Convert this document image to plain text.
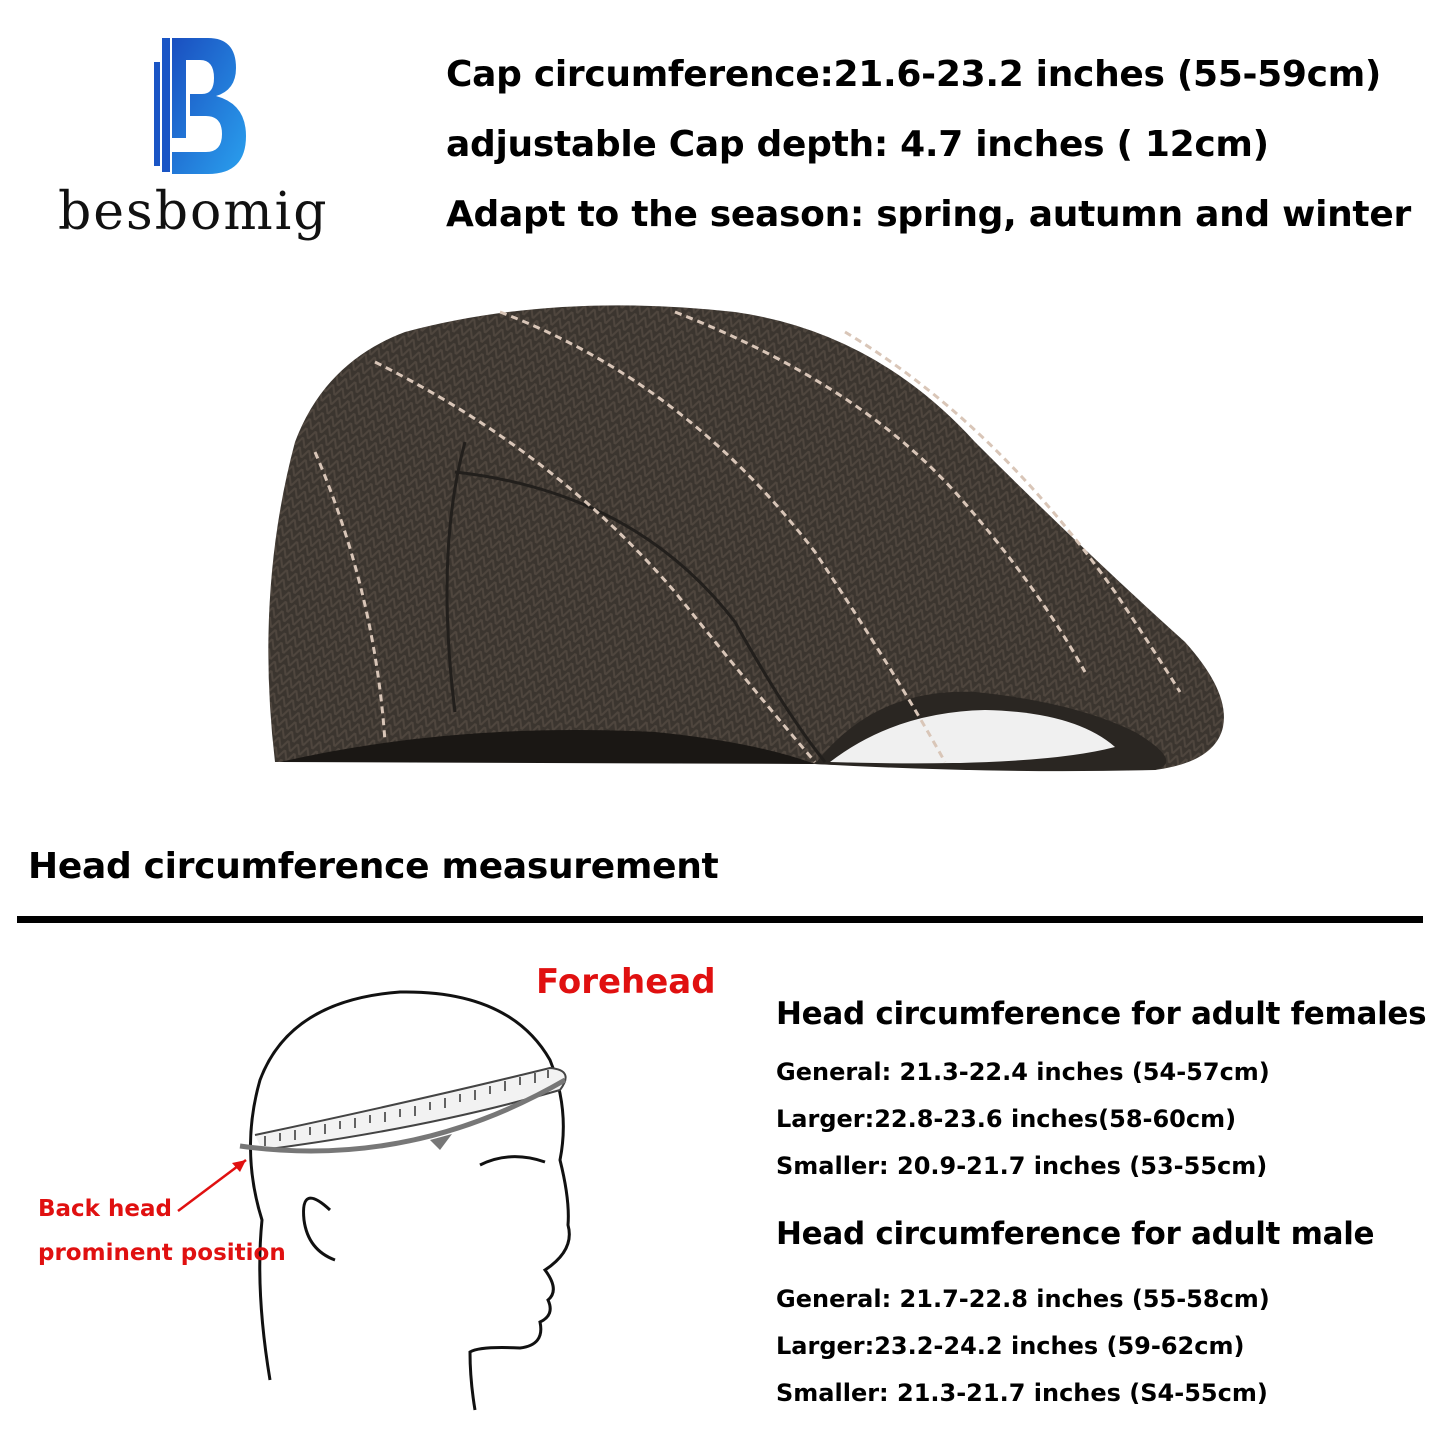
besbomig
Cap circumference:21.6-23.2 inches (55-59cm)
adjustable Cap depth: 4.7 inches ( 12cm)
Adapt to the season: spring, autumn and winter
Head circumference measurement
Forehead
Back head
prominent position
Head circumference for adult females
General: 21.3-22.4 inches (54-57cm)
Larger:22.8-23.6 inches(58-60cm)
Smaller: 20.9-21.7 inches (53-55cm)
Head circumference for adult male
General: 21.7-22.8 inches (55-58cm)
Larger:23.2-24.2 inches (59-62cm)
Smaller: 21.3-21.7 inches (S4-55cm)
